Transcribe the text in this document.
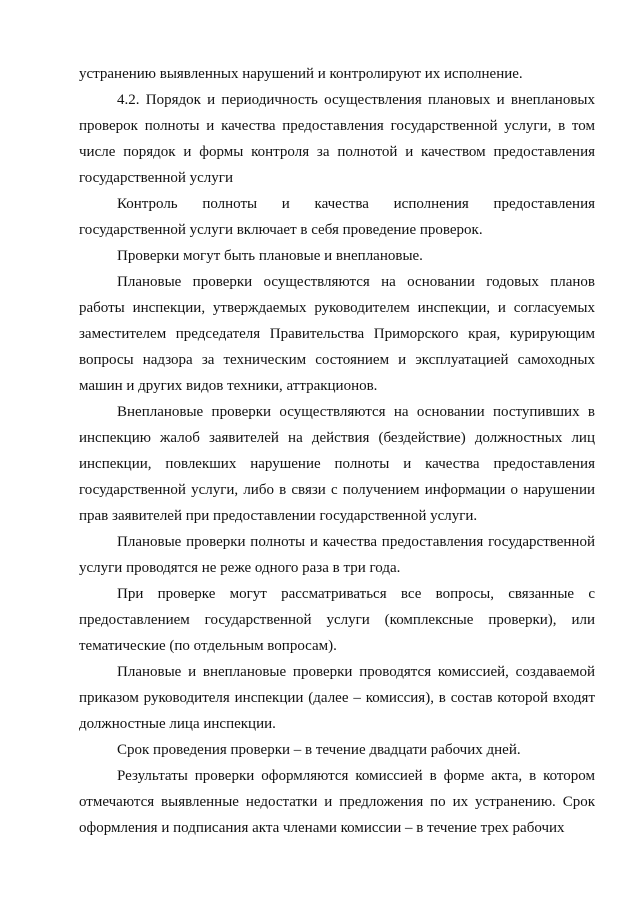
устранению выявленных нарушений и контролируют их исполнение.

4.2. Порядок и периодичность осуществления плановых и внеплановых проверок полноты и качества предоставления государственной услуги, в том числе порядок и формы контроля за полнотой и качеством предоставления государственной услуги

Контроль полноты и качества исполнения предоставления государственной услуги включает в себя проведение проверок.

Проверки могут быть плановые и внеплановые.

Плановые проверки осуществляются на основании годовых планов работы инспекции, утверждаемых руководителем инспекции, и согласуемых заместителем председателя Правительства Приморского края, курирующим вопросы надзора за техническим состоянием и эксплуатацией самоходных машин и других видов техники, аттракционов.

Внеплановые проверки осуществляются на основании поступивших в инспекцию жалоб заявителей на действия (бездействие) должностных лиц инспекции, повлекших нарушение полноты и качества предоставления государственной услуги, либо в связи с получением информации о нарушении прав заявителей при предоставлении государственной услуги.

Плановые проверки полноты и качества предоставления государственной услуги проводятся не реже одного раза в три года.

При проверке могут рассматриваться все вопросы, связанные с предоставлением государственной услуги (комплексные проверки), или тематические (по отдельным вопросам).

Плановые и внеплановые проверки проводятся комиссией, создаваемой приказом руководителя инспекции (далее – комиссия), в состав которой входят должностные лица инспекции.

Срок проведения проверки – в течение двадцати рабочих дней.

Результаты проверки оформляются комиссией в форме акта, в котором отмечаются выявленные недостатки и предложения по их устранению. Срок оформления и подписания акта членами комиссии – в течение трех рабочих
